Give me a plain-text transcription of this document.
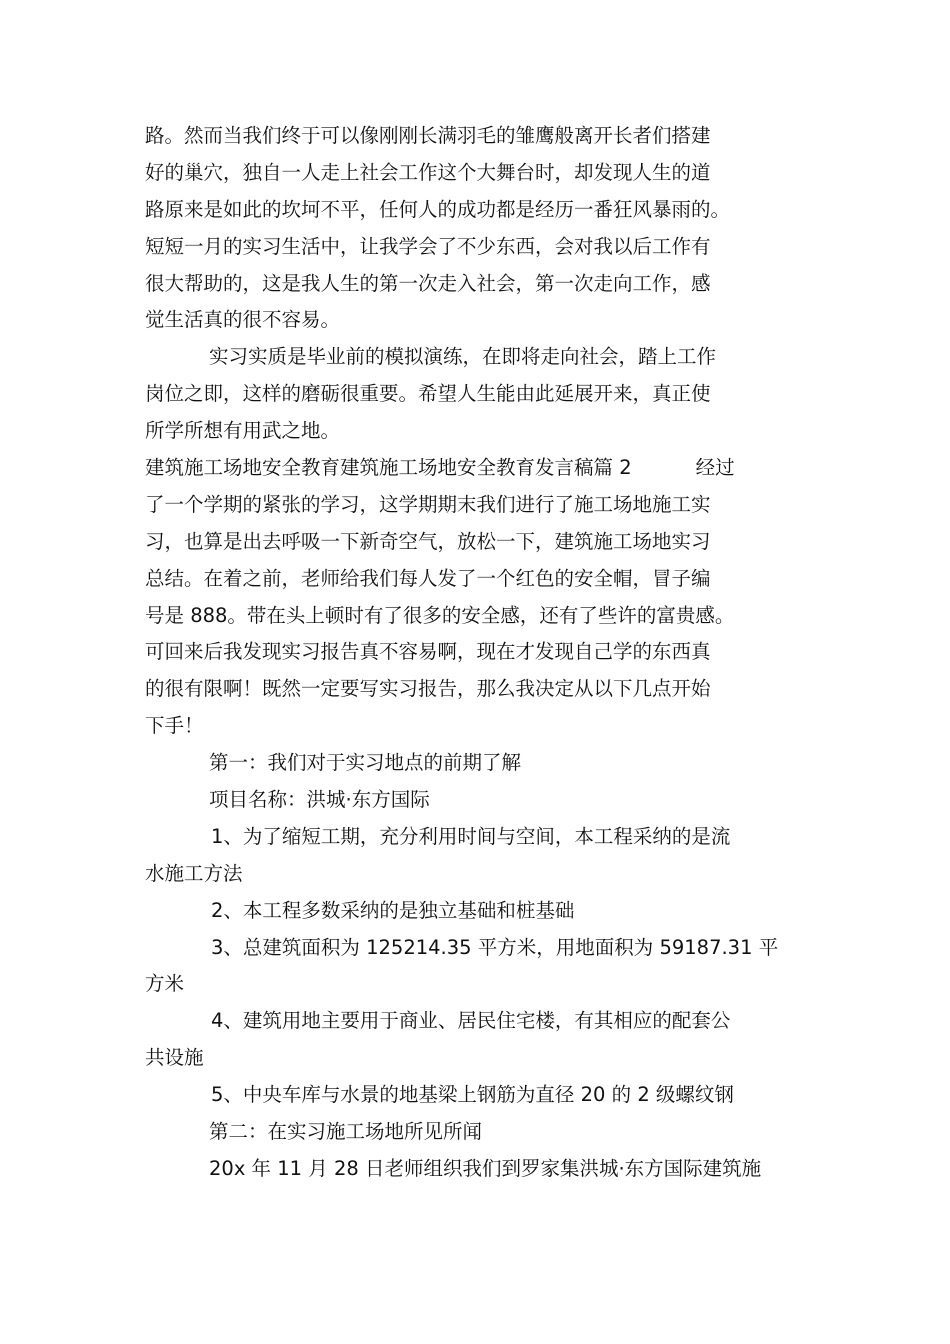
路。然而当我们终于可以像刚刚长满羽毛的雏鹰般离开长者们搭建
好的巢穴，独自一人走上社会工作这个大舞台时，却发现人生的道
路原来是如此的坎坷不平，任何人的成功都是经历一番狂风暴雨的。
短短一月的实习生活中，让我学会了不少东西，会对我以后工作有
很大帮助的，这是我人生的第一次走入社会，第一次走向工作，感
觉生活真的很不容易。
实习实质是毕业前的模拟演练，在即将走向社会，踏上工作
岗位之即，这样的磨砺很重要。希望人生能由此延展开来，真正使
所学所想有用武之地。
建筑施工场地安全教育建筑施工场地安全教育发言稿篇 2	经过
了一个学期的紧张的学习，这学期期末我们进行了施工场地施工实
习，也算是出去呼吸一下新奇空气，放松一下，建筑施工场地实习
总结。在着之前，老师给我们每人发了一个红色的安全帽，冒子编
号是 888。带在头上顿时有了很多的安全感，还有了些许的富贵感。
可回来后我发现实习报告真不容易啊，现在才发现自己学的东西真
的很有限啊！既然一定要写实习报告，那么我决定从以下几点开始
下手！
第一：我们对于实习地点的前期了解
项目名称：洪城·东方国际
1、为了缩短工期，充分利用时间与空间，本工程采纳的是流
水施工方法
2、本工程多数采纳的是独立基础和桩基础
3、总建筑面积为 125214.35 平方米，用地面积为 59187.31 平
方米
4、建筑用地主要用于商业、居民住宅楼，有其相应的配套公
共设施
5、中央车库与水景的地基梁上钢筋为直径 20 的 2 级螺纹钢
第二：在实习施工场地所见所闻
20x 年 11 月 28 日老师组织我们到罗家集洪城·东方国际建筑施
